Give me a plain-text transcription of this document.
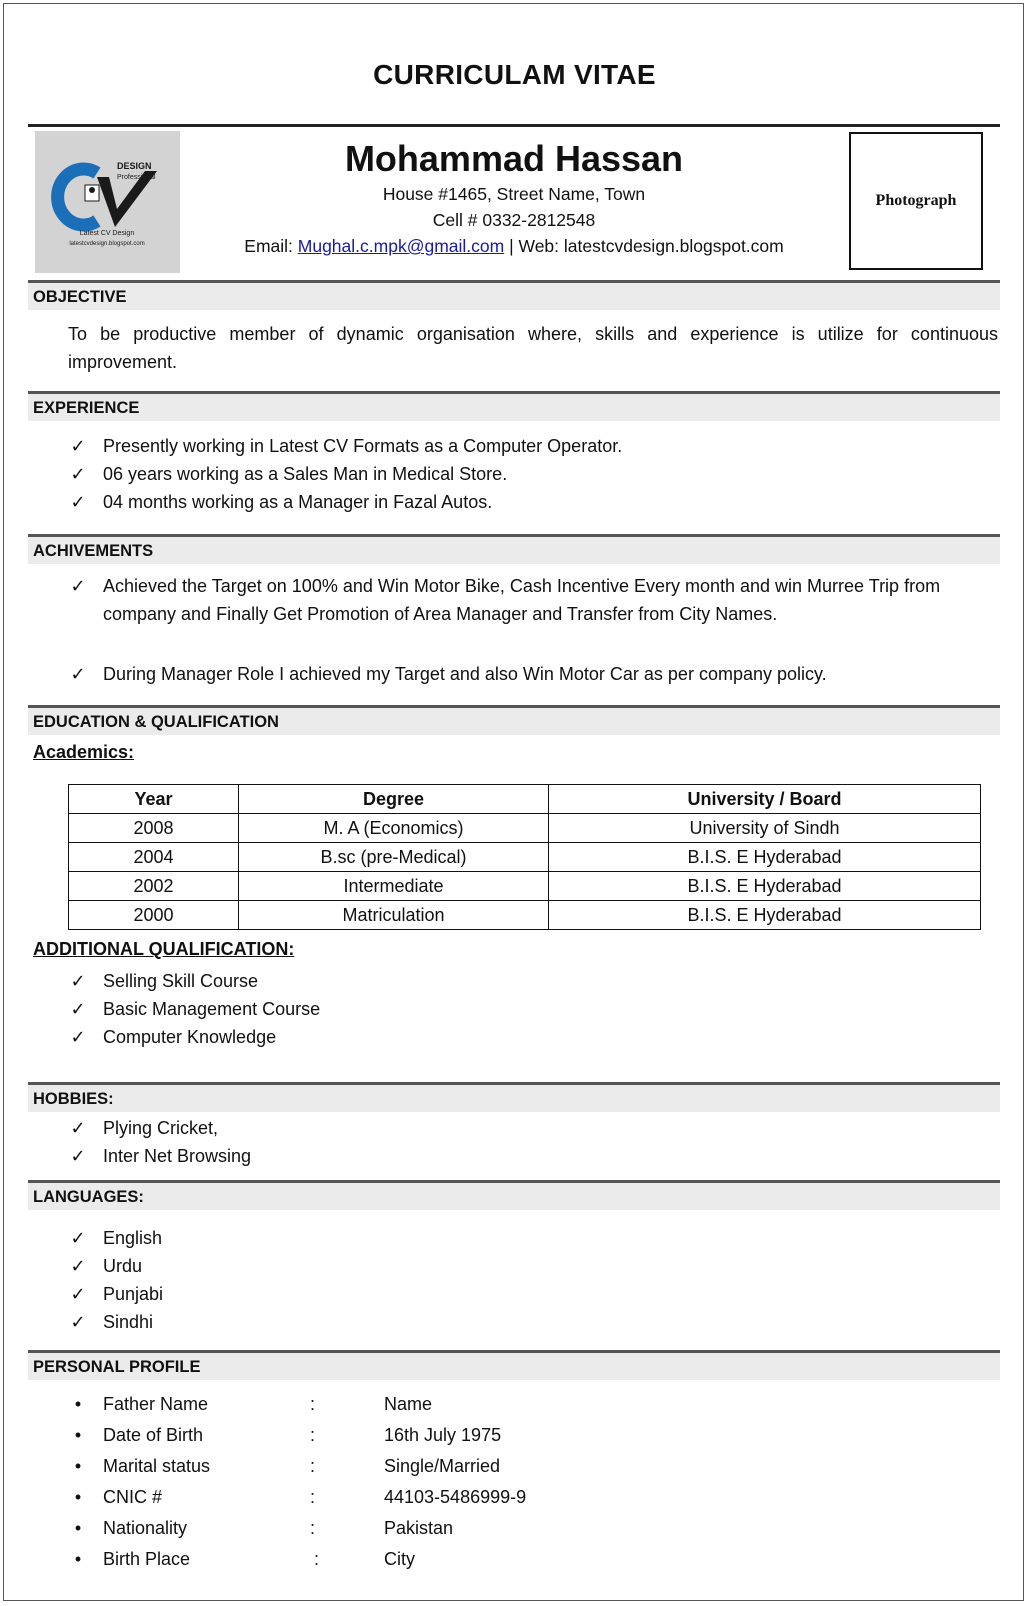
CURRICULAM VITAE
DESIGN
Professional
Latest CV Design
latestcvdesign.blogspot.com
Mohammad Hassan
House #1465, Street Name, Town
Cell # 0332-2812548
Email: Mughal.c.mpk@gmail.com | Web: latestcvdesign.blogspot.com
Photograph
OBJECTIVE
To be productive member of dynamic organisation where, skills and experience is utilize for continuous improvement.
EXPERIENCE
✓ Presently working in Latest CV Formats as a Computer Operator.
✓ 06 years working as a Sales Man in Medical Store.
✓ 04 months working as a Manager in Fazal Autos.
ACHIVEMENTS
✓ Achieved the Target on 100% and Win Motor Bike, Cash Incentive Every month and win Murree Trip from company and Finally Get Promotion of Area Manager and Transfer from City Names.
✓ During Manager Role I achieved my Target and also Win Motor Car as per company policy.
EDUCATION & QUALIFICATION
Academics:
Year	Degree	University / Board
2008	M. A (Economics)	University of Sindh
2004	B.sc (pre-Medical)	B.I.S. E Hyderabad
2002	Intermediate	B.I.S. E Hyderabad
2000	Matriculation	B.I.S. E Hyderabad
ADDITIONAL QUALIFICATION:
✓ Selling Skill Course
✓ Basic Management Course
✓ Computer Knowledge
HOBBIES:
✓ Plying Cricket,
✓ Inter Net Browsing
LANGUAGES:
✓ English
✓ Urdu
✓ Punjabi
✓ Sindhi
PERSONAL PROFILE
•	Father Name	:	Name
•	Date of Birth	:	16th July 1975
•	Marital status	:	Single/Married
•	CNIC #	:	44103-5486999-9
•	Nationality	:	Pakistan
•	Birth Place	:	City
